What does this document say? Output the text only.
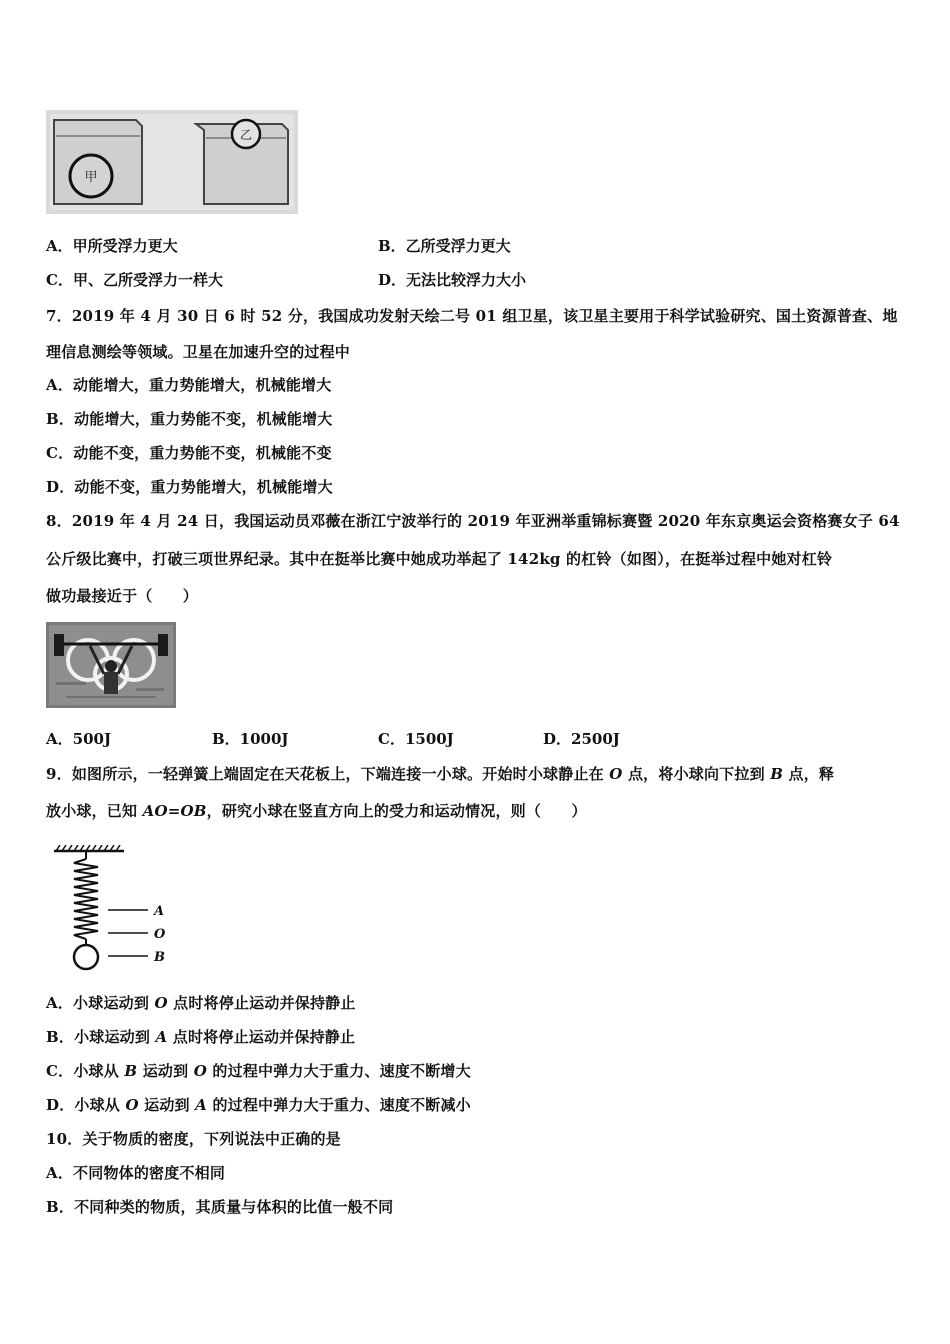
甲
乙
A．甲所受浮力更大	B．乙所受浮力更大
C．甲、乙所受浮力一样大	D．无法比较浮力大小
7．2019 年 4 月 30 日 6 时 52 分，我国成功发射天绘二号 01 组卫星，该卫星主要用于科学试验研究、国土资源普查、地
理信息测绘等领域。卫星在加速升空的过程中
A．动能增大，重力势能增大，机械能增大
B．动能增大，重力势能不变，机械能增大
C．动能不变，重力势能不变，机械能不变
D．动能不变，重力势能增大，机械能增大
8．2019 年 4 月 24 日，我国运动员邓薇在浙江宁波举行的 2019 年亚洲举重锦标赛暨 2020 年东京奥运会资格赛女子 64
公斤级比赛中，打破三项世界纪录。其中在挺举比赛中她成功举起了 142kg 的杠铃（如图），在挺举过程中她对杠铃
做功最接近于（　　）
A．500J	B．1000J	C．1500J	D．2500J
9．如图所示，一轻弹簧上端固定在天花板上，下端连接一小球。开始时小球静止在 O 点，将小球向下拉到 B 点，释
放小球，已知 AO=OB，研究小球在竖直方向上的受力和运动情况，则（　　）
A
O
B
A．小球运动到 O 点时将停止运动并保持静止
B．小球运动到 A 点时将停止运动并保持静止
C．小球从 B 运动到 O 的过程中弹力大于重力、速度不断增大
D．小球从 O 运动到 A 的过程中弹力大于重力、速度不断减小
10．关于物质的密度，下列说法中正确的是
A．不同物体的密度不相同
B．不同种类的物质，其质量与体积的比值一般不同
